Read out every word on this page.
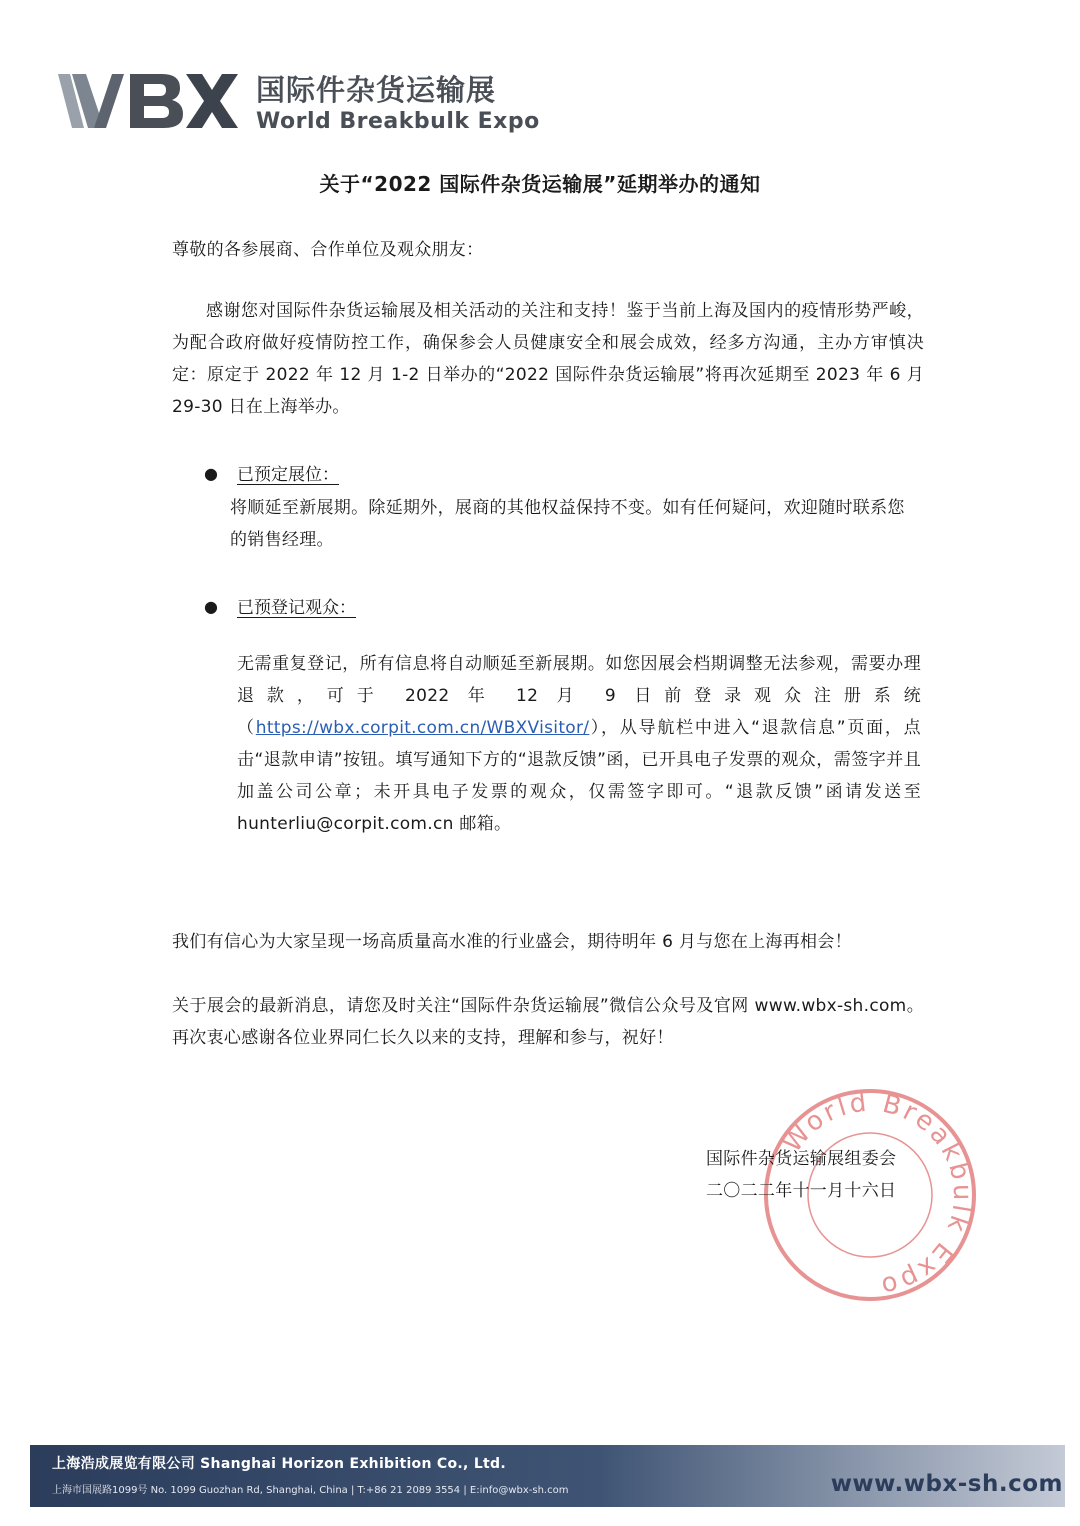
国际件杂货运输展
World Breakbulk Expo
关于“2022 国际件杂货运输展”延期举办的通知
尊敬的各参展商、合作单位及观众朋友：
感谢您对国际件杂货运输展及相关活动的关注和支持！鉴于当前上海及国内的疫情形势严峻，为配合政府做好疫情防控工作，确保参会人员健康安全和展会成效，经多方沟通，主办方审慎决定：原定于 2022 年 12 月 1-2 日举办的“2022 国际件杂货运输展”将再次延期至 2023 年 6 月 29-30 日在上海举办。
● 已预定展位：
将顺延至新展期。除延期外，展商的其他权益保持不变。如有任何疑问，欢迎随时联系您的销售经理。
● 已预登记观众：
无需重复登记，所有信息将自动顺延至新展期。如您因展会档期调整无法参观，需要办理退款，可于 2022 年 12 月 9 日前登录观众注册系统（https://wbx.corpit.com.cn/WBXVisitor/），从导航栏中进入“退款信息”页面，点击“退款申请”按钮。填写通知下方的“退款反馈”函，已开具电子发票的观众，需签字并且加盖公司公章；未开具电子发票的观众，仅需签字即可。“退款反馈”函请发送至 hunterliu@corpit.com.cn 邮箱。
我们有信心为大家呈现一场高质量高水准的行业盛会，期待明年 6 月与您在上海再相会！
关于展会的最新消息，请您及时关注“国际件杂货运输展”微信公众号及官网 www.wbx-sh.com。再次衷心感谢各位业界同仁长久以来的支持，理解和参与，祝好！
World Breakbulk Expo
国际件杂货运输展组委会
二〇二二年十一月十六日
上海浩成展览有限公司 Shanghai Horizon Exhibition Co., Ltd.
上海市国展路1099号 No. 1099 Guozhan Rd, Shanghai, China | T:+86 21 2089 3554 | E:info@wbx-sh.com	www.wbx-sh.com
